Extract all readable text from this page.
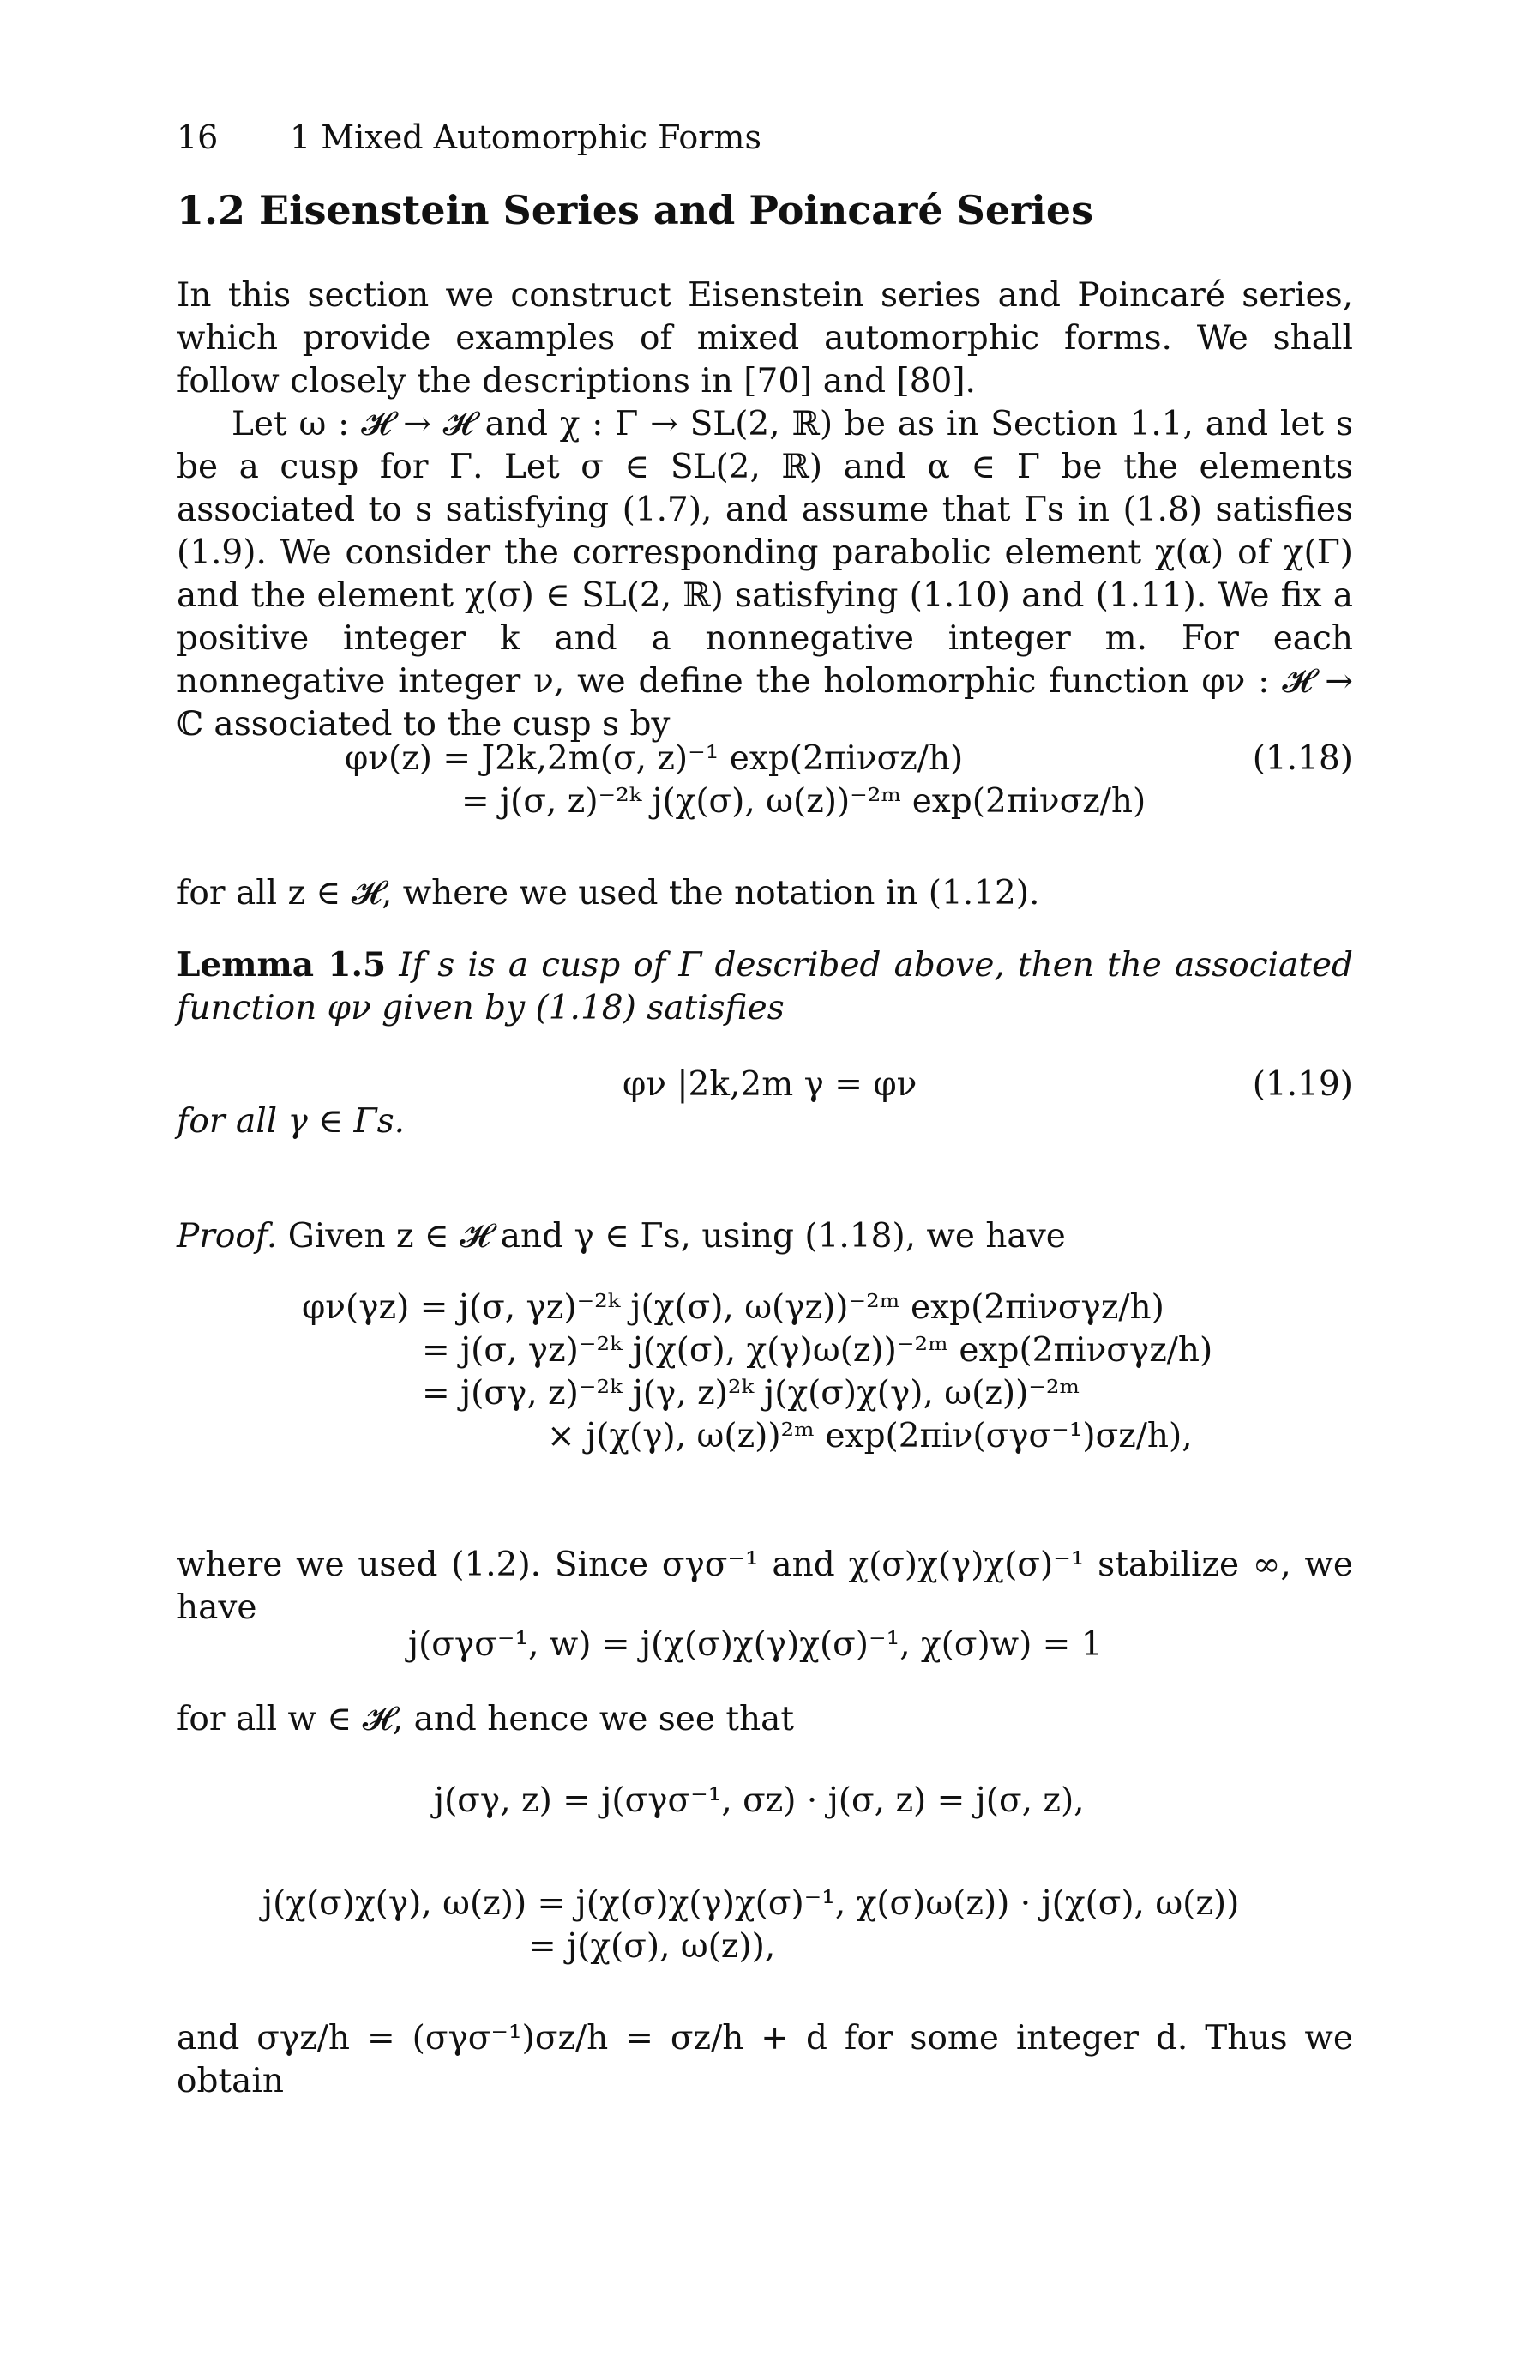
16 1 Mixed Automorphic Forms
1.2 Eisenstein Series and Poincaré Series
In this section we construct Eisenstein series and Poincaré series, which provide examples of mixed automorphic forms. We shall follow closely the descriptions in [70] and [80].
Let ω : 𝓗 → 𝓗 and χ : Γ → SL(2, ℝ) be as in Section 1.1, and let s be a cusp for Γ. Let σ ∈ SL(2, ℝ) and α ∈ Γ be the elements associated to s satisfying (1.7), and assume that Γs in (1.8) satisfies (1.9). We consider the corresponding parabolic element χ(α) of χ(Γ) and the element χ(σ) ∈ SL(2, ℝ) satisfying (1.10) and (1.11). We fix a positive integer k and a nonnegative integer m. For each nonnegative integer ν, we define the holomorphic function φν : 𝓗 → ℂ associated to the cusp s by
φν(z) = J2k,2m(σ, z)⁻¹ exp(2πiνσz/h)
= j(σ, z)⁻²ᵏ j(χ(σ), ω(z))⁻²ᵐ exp(2πiνσz/h)
(1.18)
for all z ∈ 𝓗, where we used the notation in (1.12).
Lemma 1.5 If s is a cusp of Γ described above, then the associated function φν given by (1.18) satisfies
φν |2k,2m γ = φν	(1.19)
for all γ ∈ Γs.
Proof. Given z ∈ 𝓗 and γ ∈ Γs, using (1.18), we have
φν(γz) = j(σ, γz)⁻²ᵏ j(χ(σ), ω(γz))⁻²ᵐ exp(2πiνσγz/h)
= j(σ, γz)⁻²ᵏ j(χ(σ), χ(γ)ω(z))⁻²ᵐ exp(2πiνσγz/h)
= j(σγ, z)⁻²ᵏ j(γ, z)²ᵏ j(χ(σ)χ(γ), ω(z))⁻²ᵐ
× j(χ(γ), ω(z))²ᵐ exp(2πiν(σγσ⁻¹)σz/h),
where we used (1.2). Since σγσ⁻¹ and χ(σ)χ(γ)χ(σ)⁻¹ stabilize ∞, we have
j(σγσ⁻¹, w) = j(χ(σ)χ(γ)χ(σ)⁻¹, χ(σ)w) = 1
for all w ∈ 𝓗, and hence we see that
j(σγ, z) = j(σγσ⁻¹, σz) · j(σ, z) = j(σ, z),
j(χ(σ)χ(γ), ω(z)) = j(χ(σ)χ(γ)χ(σ)⁻¹, χ(σ)ω(z)) · j(χ(σ), ω(z))
= j(χ(σ), ω(z)),
and σγz/h = (σγσ⁻¹)σz/h = σz/h + d for some integer d. Thus we obtain
